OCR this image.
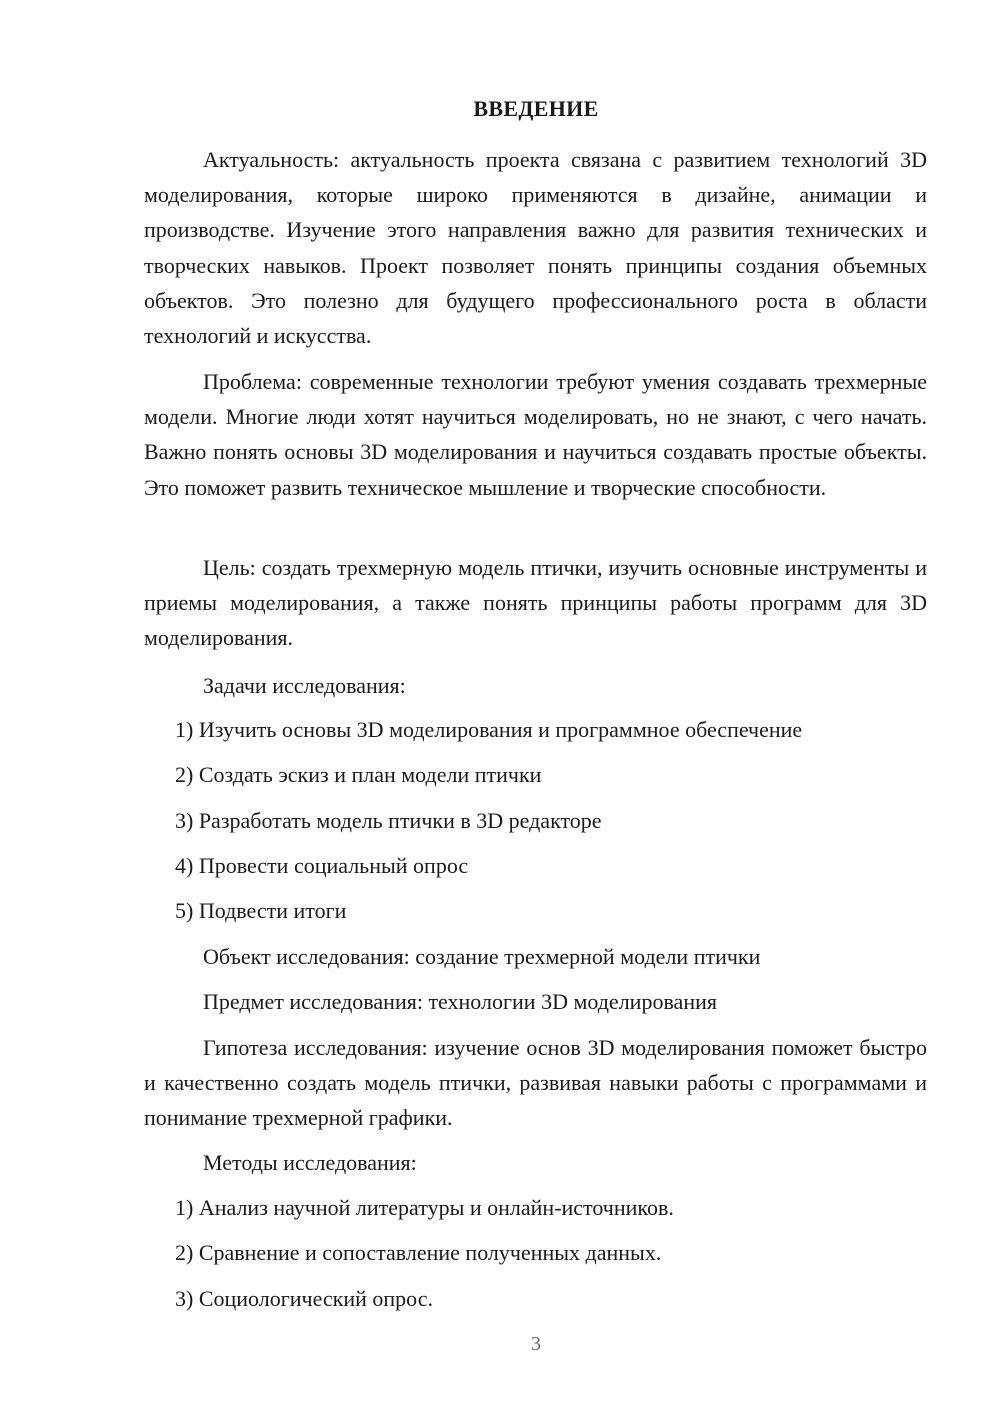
ВВЕДЕНИЕ

Актуальность: актуальность проекта связана с развитием технологий 3D моделирования, которые широко применяются в дизайне, анимации и производстве. Изучение этого направления важно для развития технических и творческих навыков. Проект позволяет понять принципы создания объемных объектов. Это полезно для будущего профессионального роста в области технологий и искусства.

Проблема: современные технологии требуют умения создавать трехмерные модели. Многие люди хотят научиться моделировать, но не знают, с чего начать. Важно понять основы 3D моделирования и научиться создавать простые объекты. Это поможет развить техническое мышление и творческие способности.

Цель: создать трехмерную модель птички, изучить основные инструменты и приемы моделирования, а также понять принципы работы программ для 3D моделирования.

Задачи исследования:

1) Изучить основы 3D моделирования и программное обеспечение

2) Создать эскиз и план модели птички

3) Разработать модель птички в 3D редакторе

4) Провести социальный опрос

5) Подвести итоги

Объект исследования: создание трехмерной модели птички

Предмет исследования: технологии 3D моделирования

Гипотеза исследования: изучение основ 3D моделирования поможет быстро и качественно создать модель птички, развивая навыки работы с программами и понимание трехмерной графики.

Методы исследования:

1) Анализ научной литературы и онлайн-источников.

2) Сравнение и сопоставление полученных данных.

3) Социологический опрос.

3
